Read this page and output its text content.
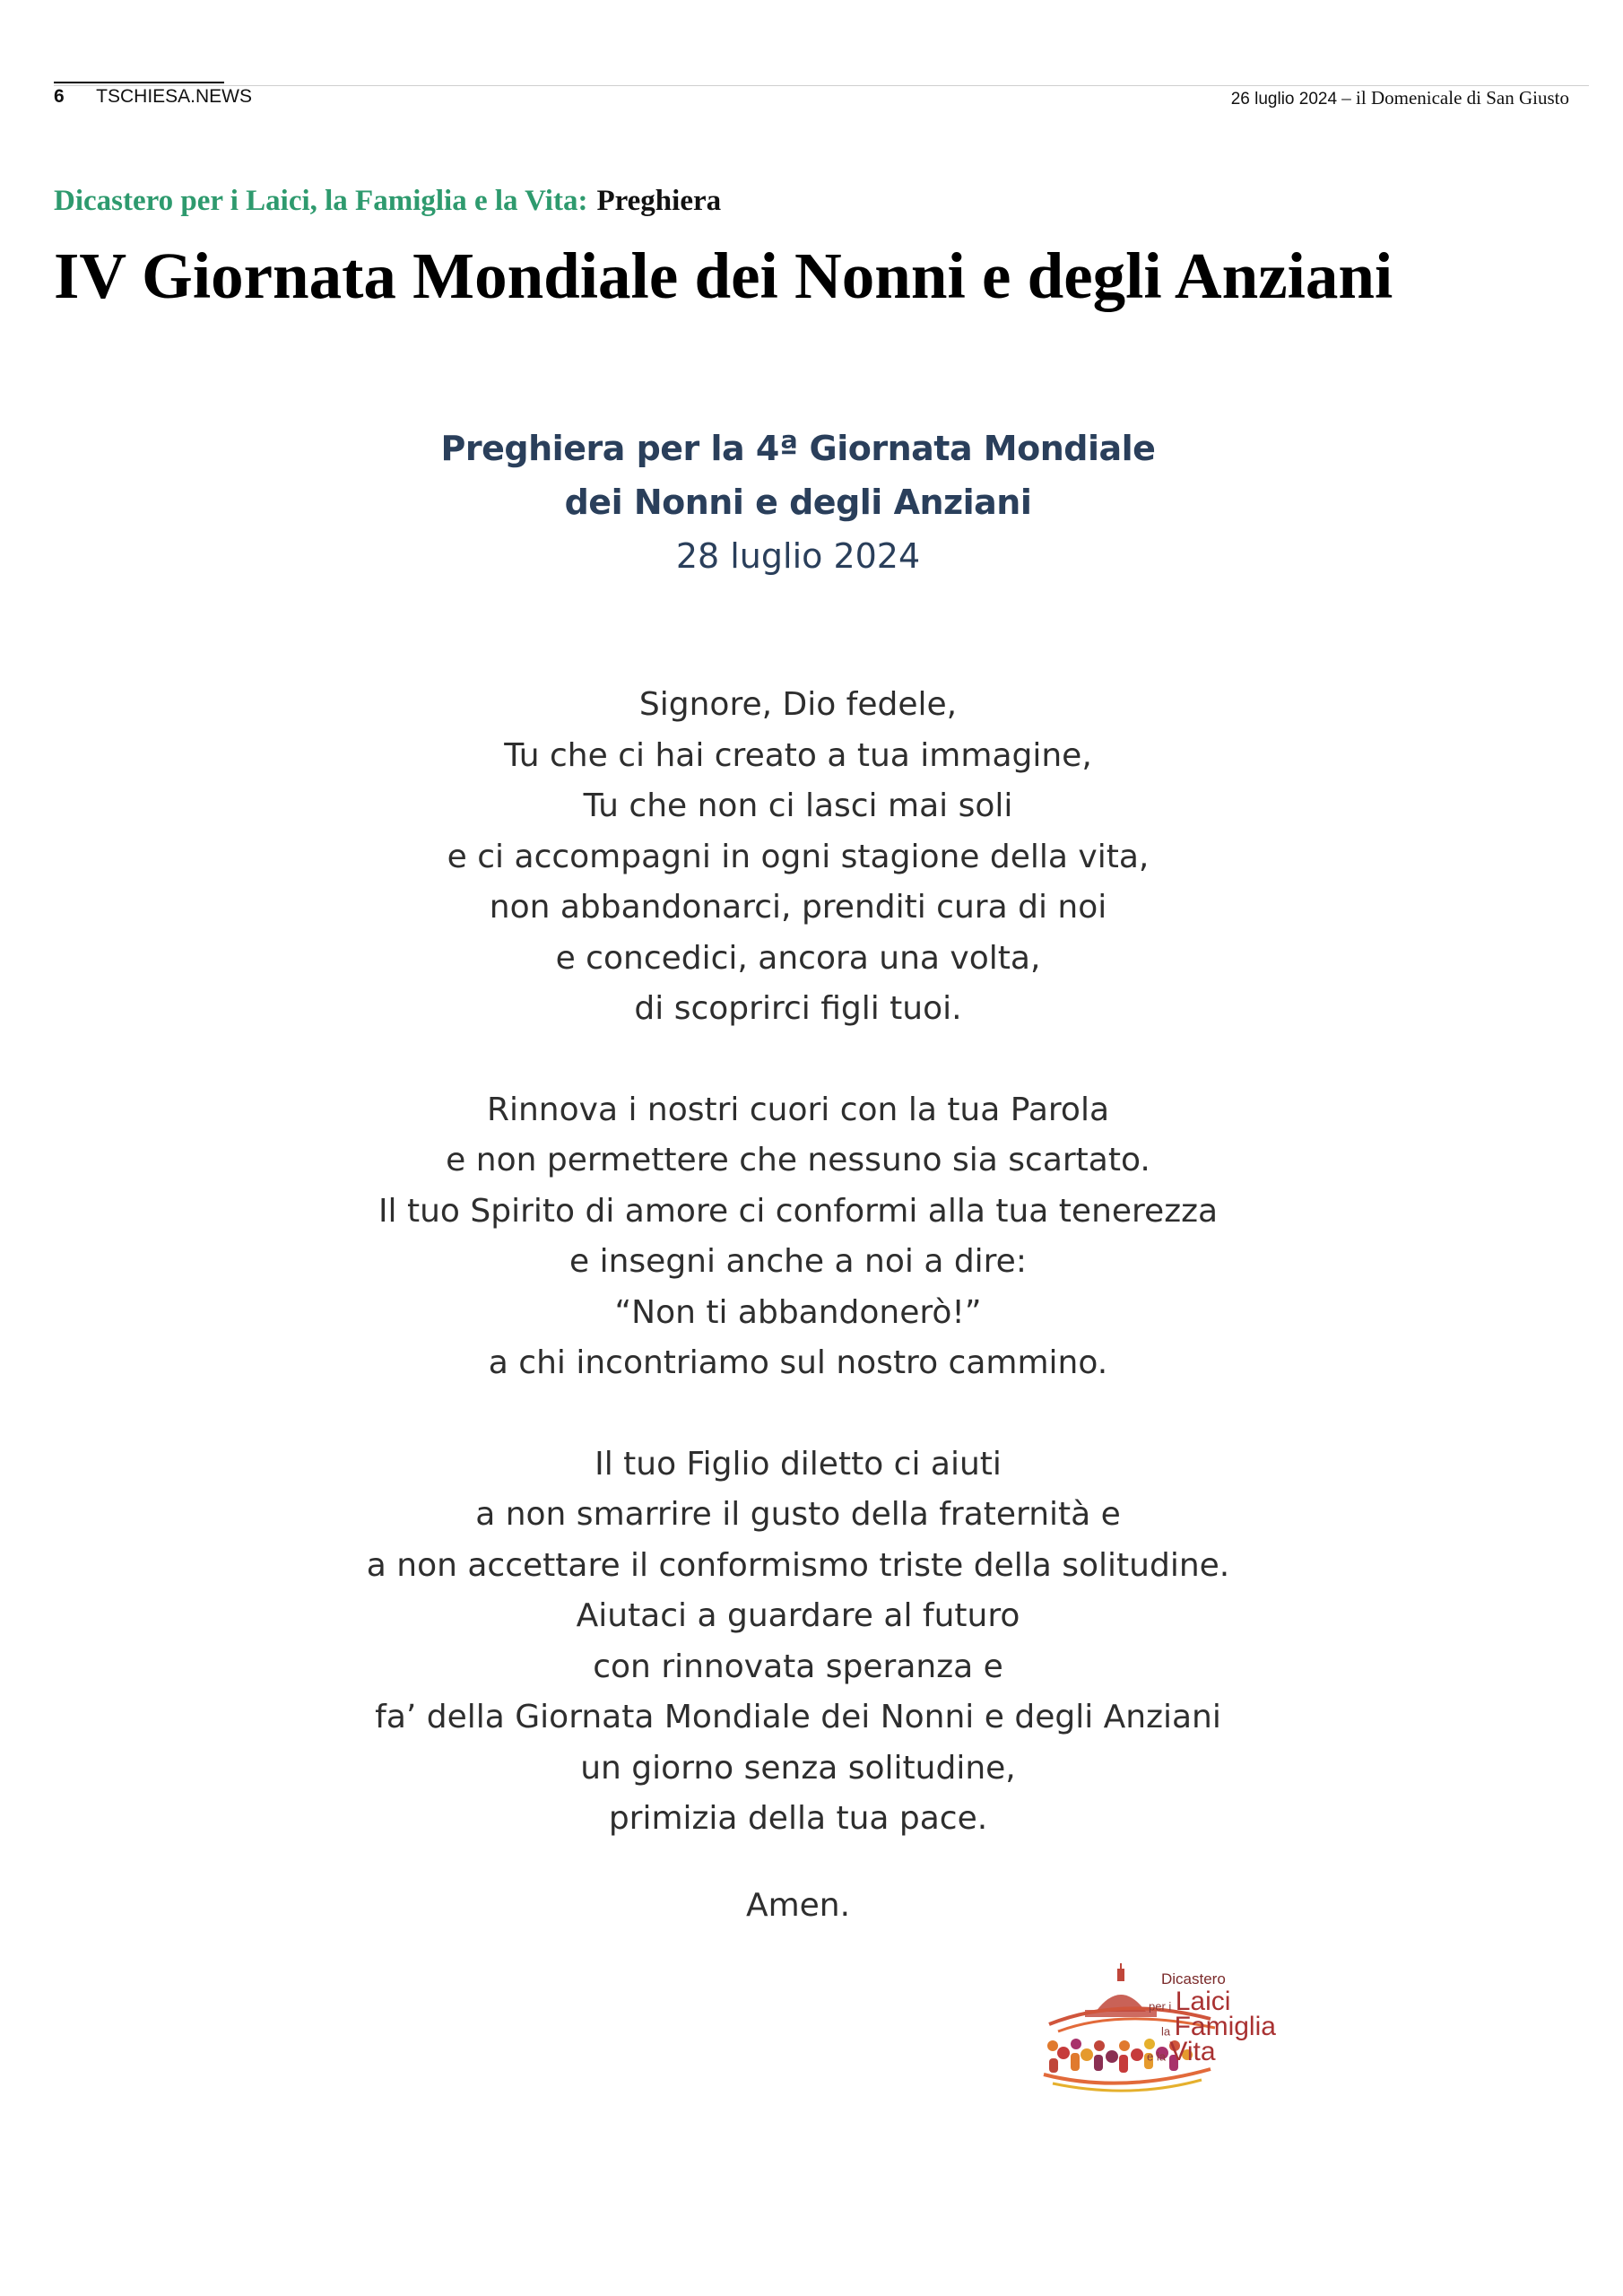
6 TSCHIESA.NEWS	26 luglio 2024 – il Domenicale di San Giusto
Dicastero per i Laici, la Famiglia e la Vita: Preghiera
IV Giornata Mondiale dei Nonni e degli Anziani
Preghiera per la 4ª Giornata Mondiale
dei Nonni e degli Anziani
28 luglio 2024
Signore, Dio fedele,
Tu che ci hai creato a tua immagine,
Tu che non ci lasci mai soli
e ci accompagni in ogni stagione della vita,
non abbandonarci, prenditi cura di noi
e concedici, ancora una volta,
di scoprirci figli tuoi.
Rinnova i nostri cuori con la tua Parola
e non permettere che nessuno sia scartato.
Il tuo Spirito di amore ci conformi alla tua tenerezza
e insegni anche a noi a dire:
“Non ti abbandonerò!”
a chi incontriamo sul nostro cammino.
Il tuo Figlio diletto ci aiuti
a non smarrire il gusto della fraternità e
a non accettare il conformismo triste della solitudine.
Aiutaci a guardare al futuro
con rinnovata speranza e
fa’ della Giornata Mondiale dei Nonni e degli Anziani
un giorno senza solitudine,
primizia della tua pace.
Amen.
Dicastero
per i Laici
la Famiglia
e la Vita
